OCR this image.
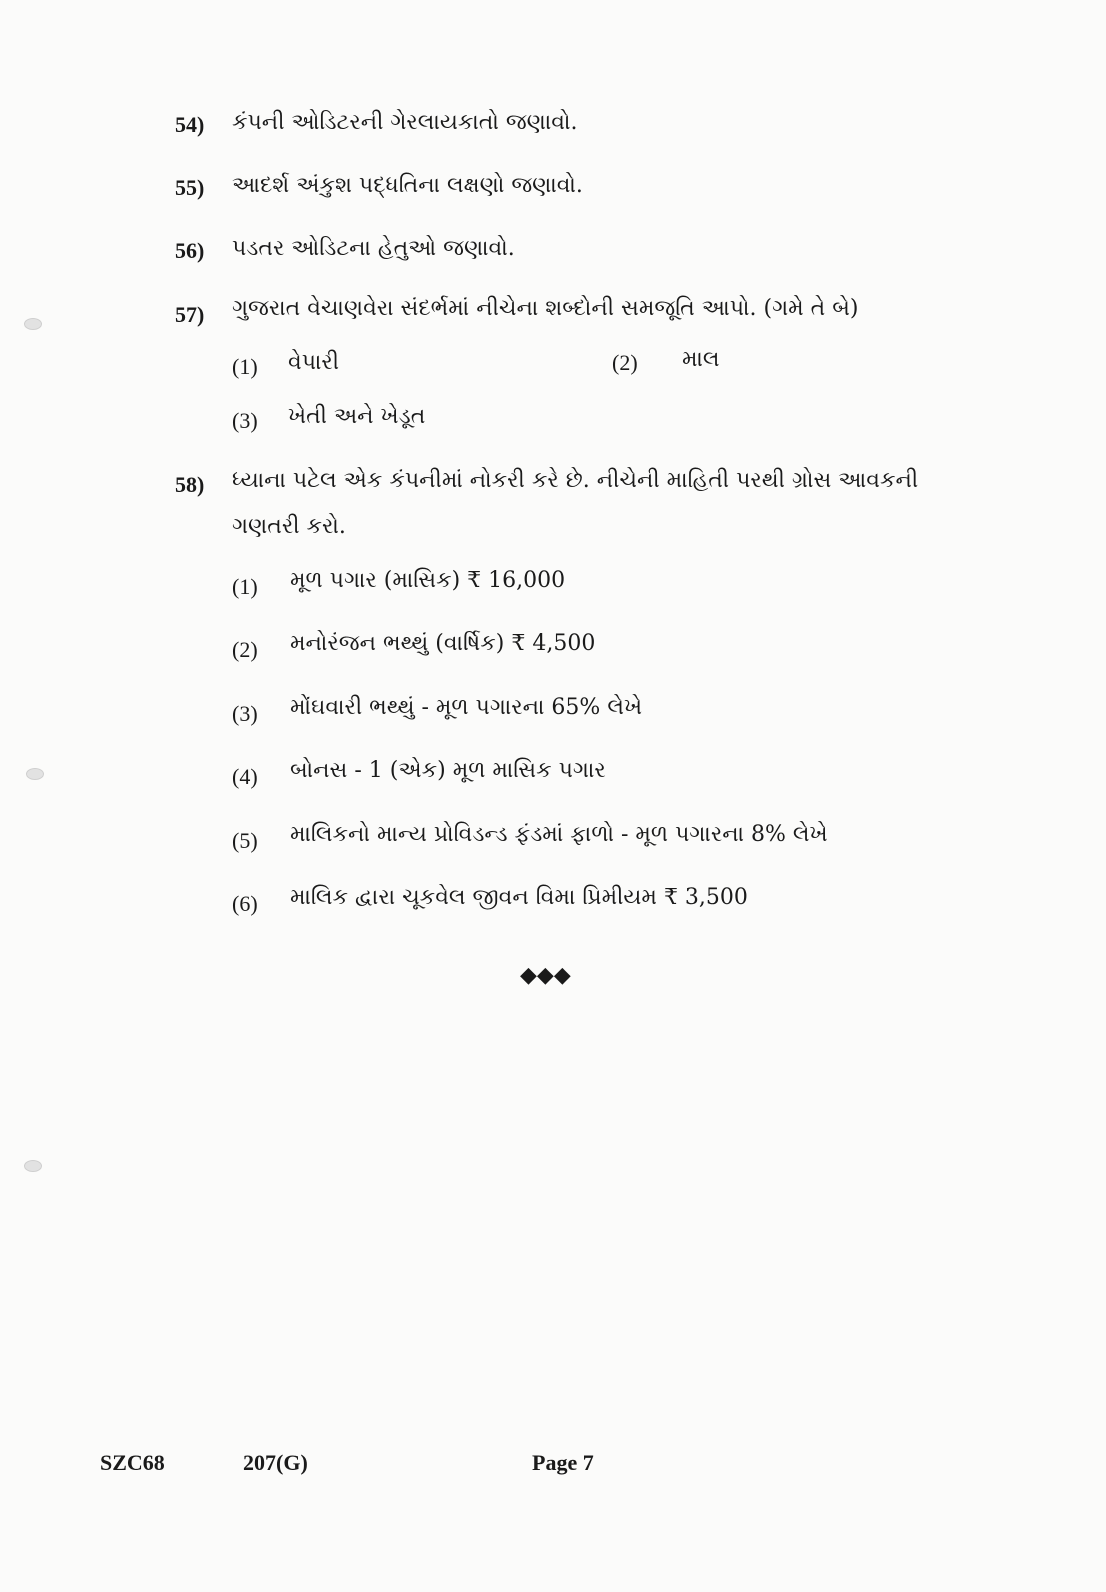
54) કંપની ઓડિટરની ગેરલાયકાતો જણાવો.
55) આદર્શ અંકુશ પદ્ધતિના લક્ષણો જણાવો.
56) પડતર ઓડિટના હેતુઓ જણાવો.
57) ગુજરાત વેચાણવેરા સંદર્ભમાં નીચેના શબ્દોની સમજૂતિ આપો. (ગમે તે બે)
(1) વેપારી	(2) માલ
(3) ખેતી અને ખેડૂત
58) ધ્યાના પટેલ એક કંપનીમાં નોકરી કરે છે. નીચેની માહિતી પરથી ગ્રોસ આવકની ગણતરી કરો.
(1) મૂળ પગાર (માસિક) ₹ 16,000
(2) મનોરંજન ભથ્થું (વાર્ષિક) ₹ 4,500
(3) મોંઘવારી ભથ્થું - મૂળ પગારના 65% લેખે
(4) બોનસ - 1 (એક) મૂળ માસિક પગાર
(5) માલિકનો માન્ય પ્રોવિડન્ડ ફંડમાં ફાળો - મૂળ પગારના 8% લેખે
(6) માલિક દ્વારા ચૂકવેલ જીવન વિમા પ્રિમીયમ ₹ 3,500
◆◆◆
SZC68	207(G)	Page 7
